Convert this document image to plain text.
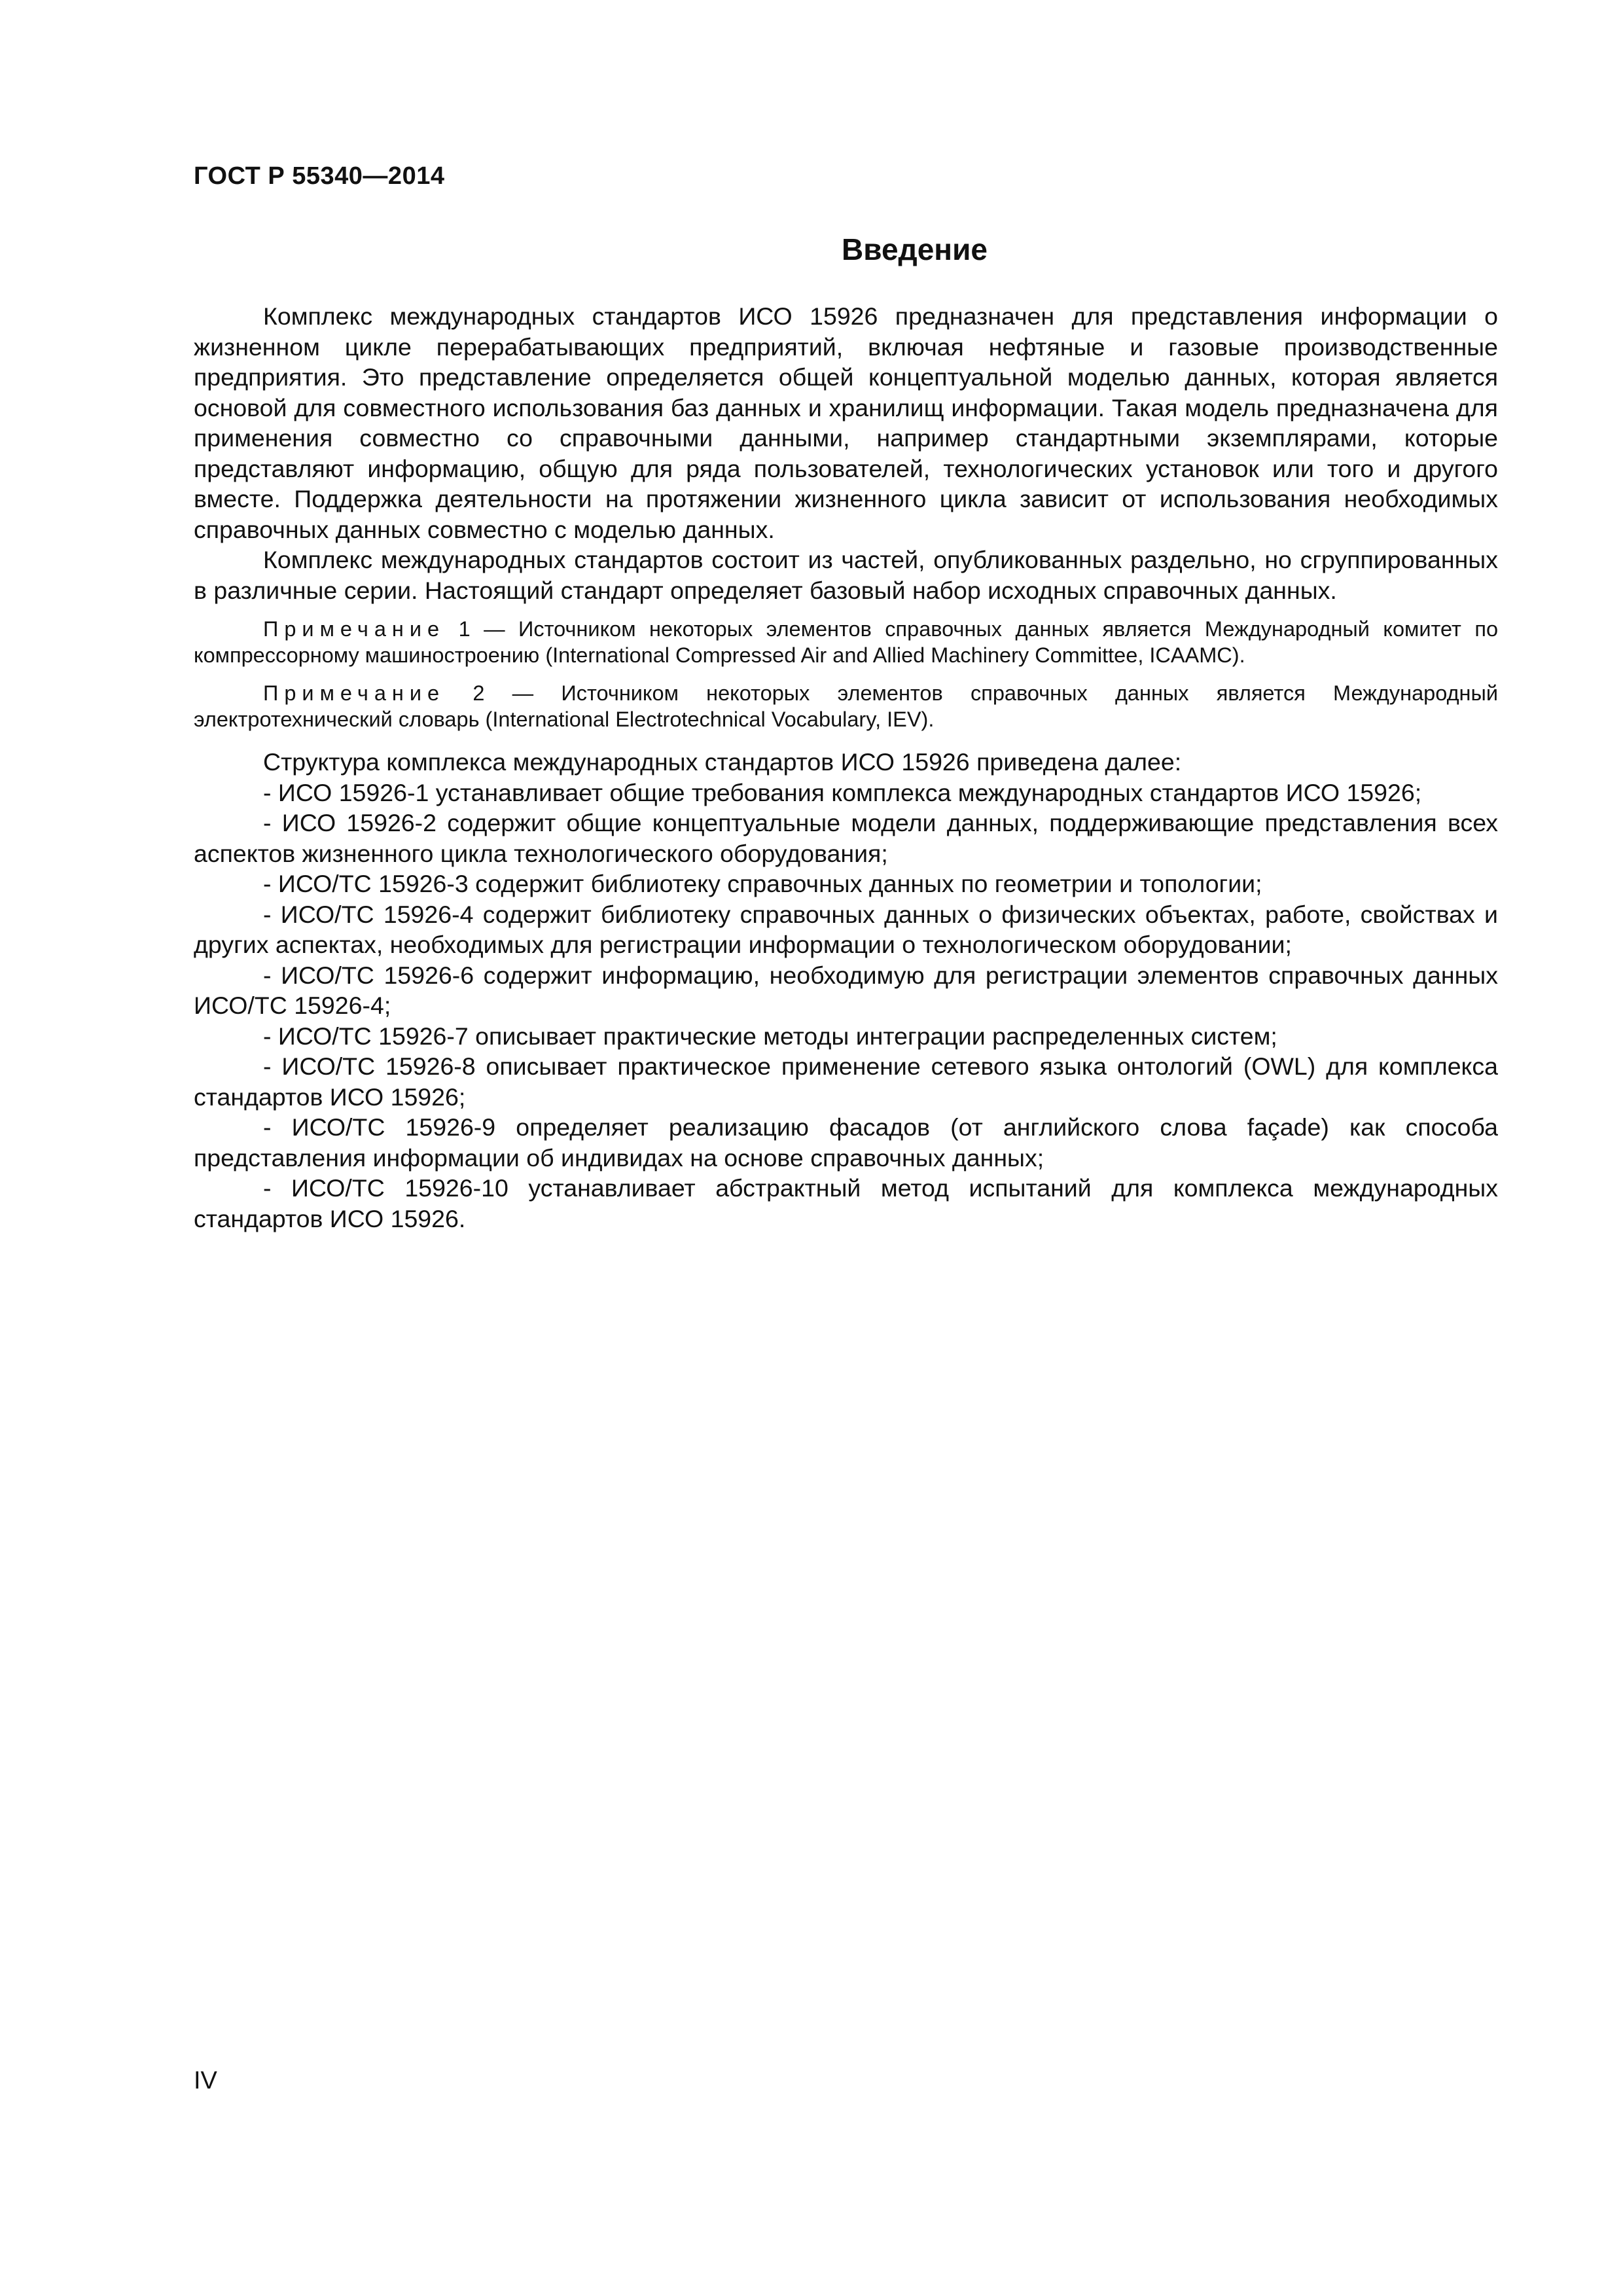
ГОСТ Р 55340—2014
Введение

Комплекс международных стандартов ИСО 15926 предназначен для представления информации о жизненном цикле перерабатывающих предприятий, включая нефтяные и газовые производственные предприятия. Это представление определяется общей концептуальной моделью данных, которая является основой для совместного использования баз данных и хранилищ информации. Такая модель предназначена для применения совместно со справочными данными, например стандартными экземплярами, которые представляют информацию, общую для ряда пользователей, технологических установок или того и другого вместе. Поддержка деятельности на протяжении жизненного цикла зависит от использования необходимых справочных данных совместно с моделью данных.

Комплекс международных стандартов состоит из частей, опубликованных раздельно, но сгруппированных в различные серии. Настоящий стандарт определяет базовый набор исходных справочных данных.

Примечание 1 — Источником некоторых элементов справочных данных является Международный комитет по компрессорному машиностроению (International Compressed Air and Allied Machinery Committee, ICAAMC).

Примечание 2 — Источником некоторых элементов справочных данных является Международный электротехнический словарь (International Electrotechnical Vocabulary, IEV).

Структура комплекса международных стандартов ИСО 15926 приведена далее:

- ИСО 15926-1 устанавливает общие требования комплекса международных стандартов ИСО 15926;

- ИСО 15926-2 содержит общие концептуальные модели данных, поддерживающие представления всех аспектов жизненного цикла технологического оборудования;

- ИСО/ТС 15926-3 содержит библиотеку справочных данных по геометрии и топологии;

- ИСО/ТС 15926-4 содержит библиотеку справочных данных о физических объектах, работе, свойствах и других аспектах, необходимых для регистрации информации о технологическом оборудовании;

- ИСО/ТС 15926-6 содержит информацию, необходимую для регистрации элементов справочных данных ИСО/ТС 15926-4;

- ИСО/ТС 15926-7 описывает практические методы интеграции распределенных систем;

- ИСО/ТС 15926-8 описывает практическое применение сетевого языка онтологий (OWL) для комплекса стандартов ИСО 15926;

- ИСО/ТС 15926-9 определяет реализацию фасадов (от английского слова façade) как способа представления информации об индивидах на основе справочных данных;

- ИСО/ТС 15926-10 устанавливает абстрактный метод испытаний для комплекса международных стандартов ИСО 15926.

IV
